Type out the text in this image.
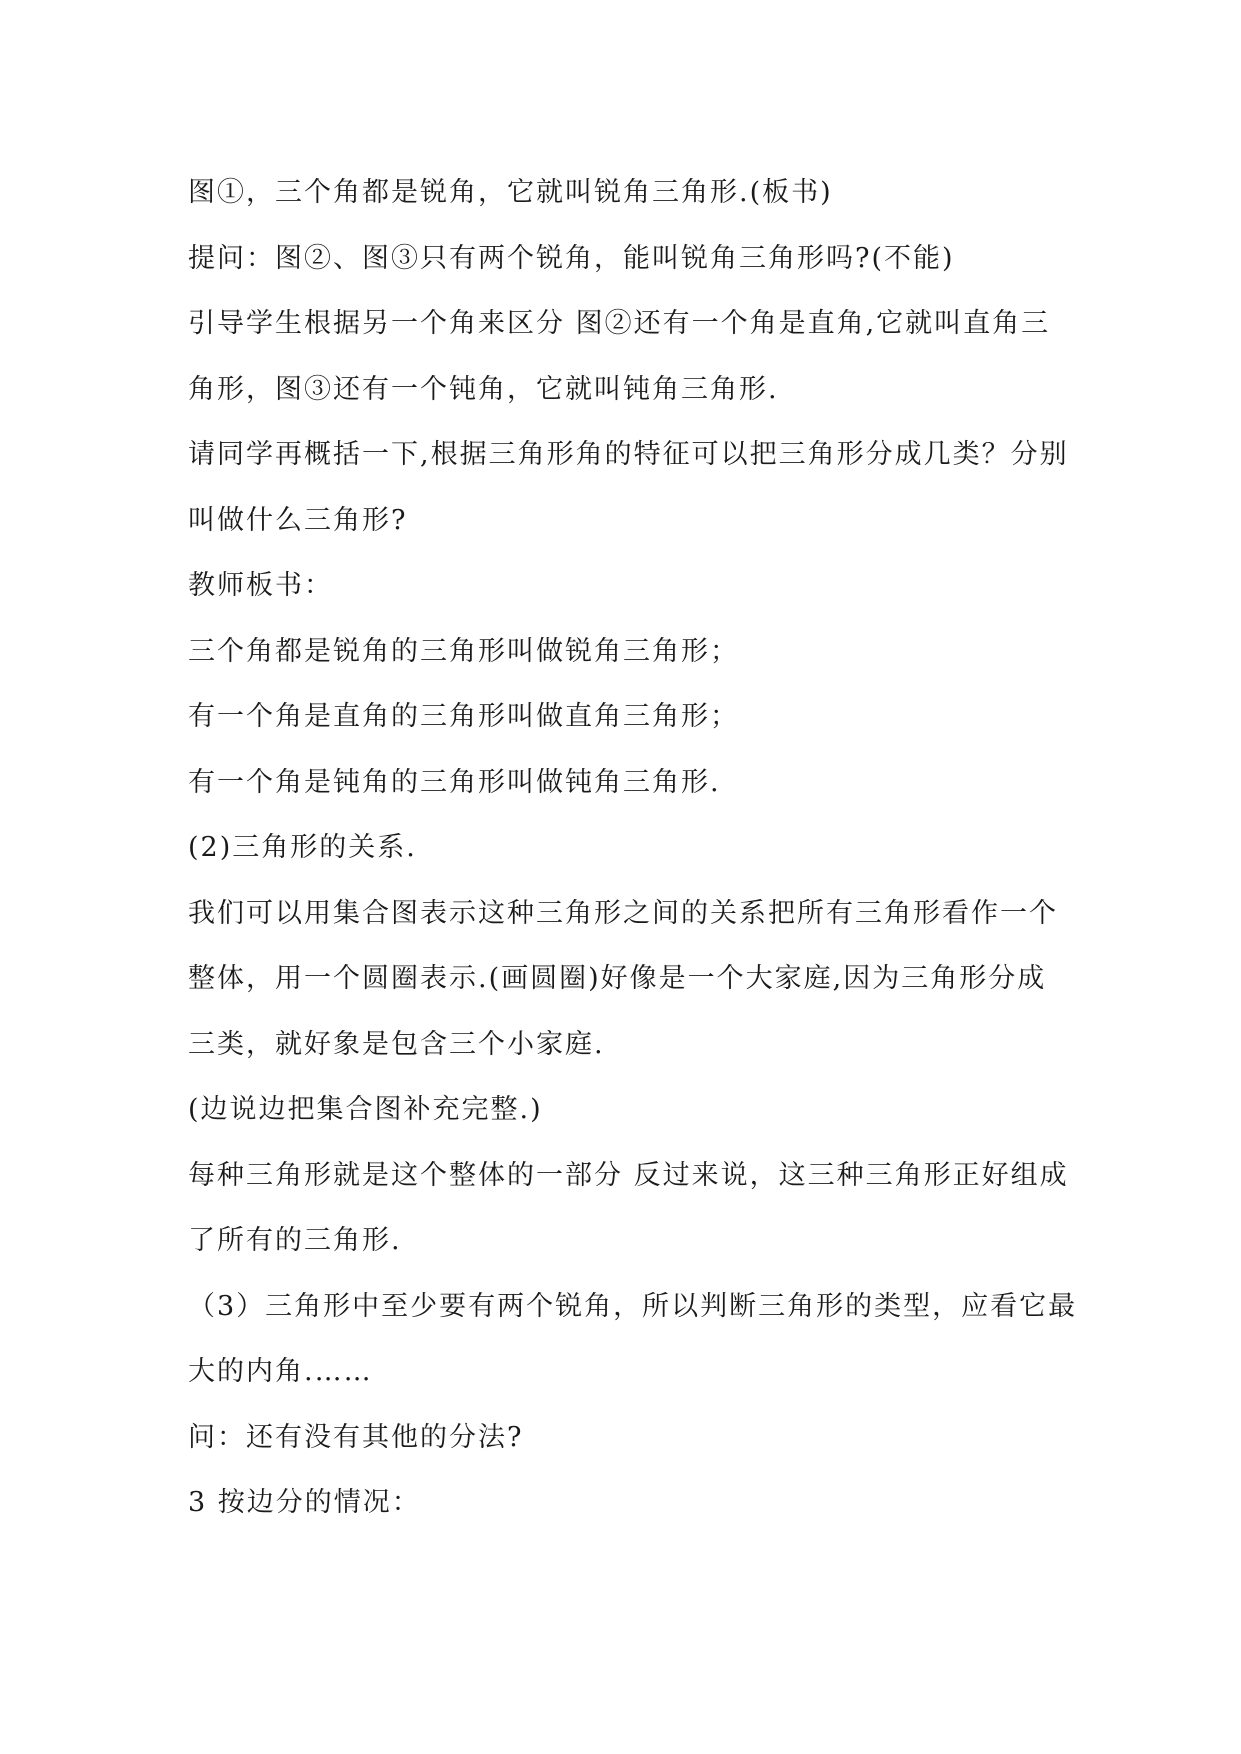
图①，三个角都是锐角，它就叫锐角三角形.(板书)
提问：图②、图③只有两个锐角，能叫锐角三角形吗?(不能)
引导学生根据另一个角来区分 图②还有一个角是直角,它就叫直角三
角形，图③还有一个钝角，它就叫钝角三角形.
请同学再概括一下,根据三角形角的特征可以把三角形分成几类？分别
叫做什么三角形?
教师板书：
三个角都是锐角的三角形叫做锐角三角形；
有一个角是直角的三角形叫做直角三角形；
有一个角是钝角的三角形叫做钝角三角形.
(2)三角形的关系.
我们可以用集合图表示这种三角形之间的关系把所有三角形看作一个
整体，用一个圆圈表示.(画圆圈)好像是一个大家庭,因为三角形分成
三类，就好象是包含三个小家庭.
(边说边把集合图补充完整.)
每种三角形就是这个整体的一部分 反过来说，这三种三角形正好组成
了所有的三角形.
（3）三角形中至少要有两个锐角，所以判断三角形的类型，应看它最
大的内角.……
问：还有没有其他的分法?
3 按边分的情况：
